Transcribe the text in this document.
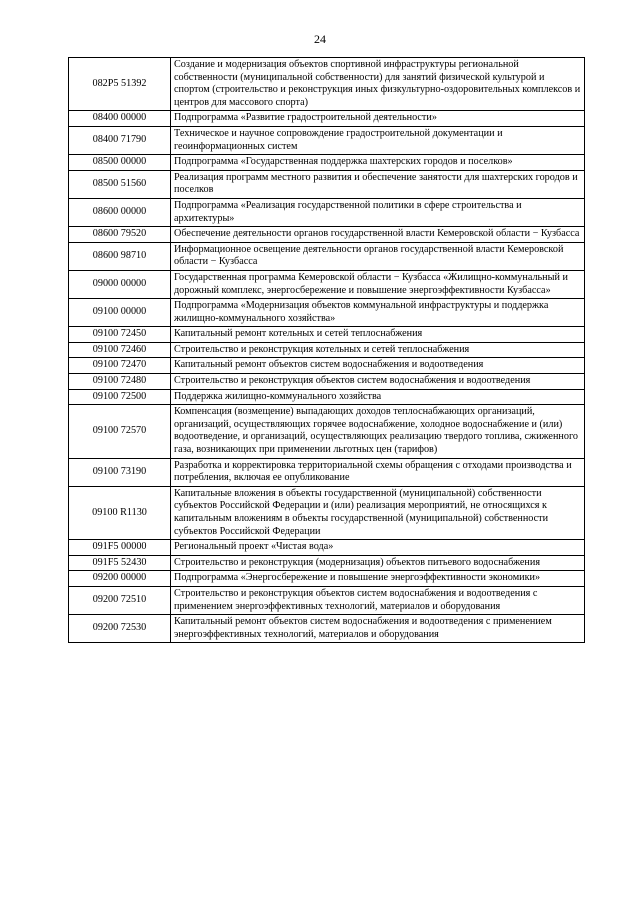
24
082P5 51392	Создание и модернизация объектов спортивной инфраструктуры региональной собственности (муниципальной собственности) для занятий физической культурой и спортом (строительство и реконструкция иных физкультурно-оздоровительных комплексов и центров для массового спорта)
08400 00000	Подпрограмма «Развитие градостроительной деятельности»
08400 71790	Техническое и научное сопровождение градостроительной документации и геоинформационных систем
08500 00000	Подпрограмма «Государственная поддержка шахтерских городов и поселков»
08500 51560	Реализация программ местного развития и обеспечение занятости для шахтерских городов и поселков
08600 00000	Подпрограмма «Реализация государственной политики в сфере строительства и архитектуры»
08600 79520	Обеспечение деятельности органов государственной власти Кемеровской области − Кузбасса
08600 98710	Информационное освещение деятельности органов государственной власти Кемеровской области − Кузбасса
09000 00000	Государственная программа Кемеровской области − Кузбасса «Жилищно-коммунальный и дорожный комплекс, энергосбережение и повышение энергоэффективности Кузбасса»
09100 00000	Подпрограмма «Модернизация объектов коммунальной инфраструктуры и поддержка жилищно-коммунального хозяйства»
09100 72450	Капитальный ремонт котельных и сетей теплоснабжения
09100 72460	Строительство и реконструкция котельных и сетей теплоснабжения
09100 72470	Капитальный ремонт объектов систем водоснабжения и водоотведения
09100 72480	Строительство и реконструкция объектов систем водоснабжения и водоотведения
09100 72500	Поддержка жилищно-коммунального хозяйства
09100 72570	Компенсация (возмещение) выпадающих доходов теплоснабжающих организаций, организаций, осуществляющих горячее водоснабжение, холодное водоснабжение и (или) водоотведение, и организаций, осуществляющих реализацию твердого топлива, сжиженного газа, возникающих при применении льготных цен (тарифов)
09100 73190	Разработка и корректировка территориальной схемы обращения с отходами производства и потребления, включая ее опубликование
09100 R1130	Капитальные вложения в объекты государственной (муниципальной) собственности субъектов Российской Федерации и (или) реализация мероприятий, не относящихся к капитальным вложениям в объекты государственной (муниципальной) собственности субъектов Российской Федерации
091F5 00000	Региональный проект «Чистая вода»
091F5 52430	Строительство и реконструкция (модернизация) объектов питьевого водоснабжения
09200 00000	Подпрограмма «Энергосбережение и повышение энергоэффективности экономики»
09200 72510	Строительство и реконструкция объектов систем водоснабжения и водоотведения с применением энергоэффективных технологий, материалов и оборудования
09200 72530	Капитальный ремонт объектов систем водоснабжения и водоотведения с применением энергоэффективных технологий, материалов и оборудования
